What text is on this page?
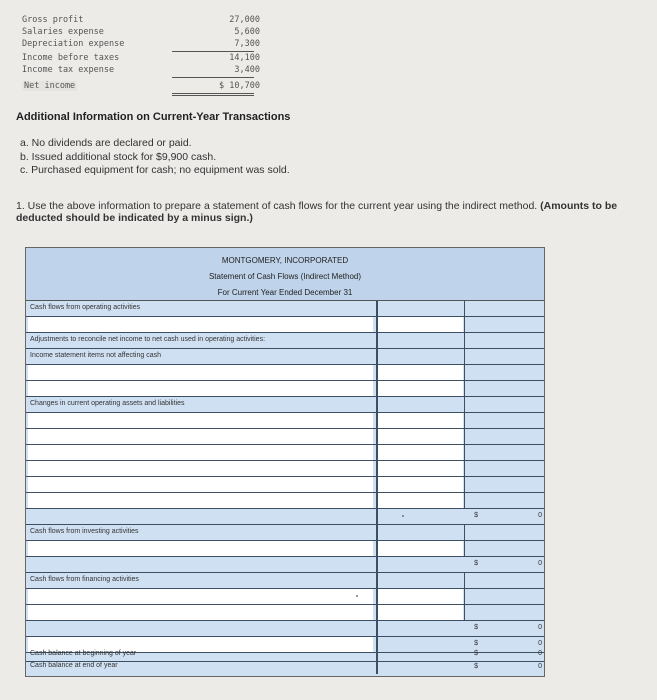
Gross profit	27,000
Salaries expense	5,600
Depreciation expense	7,300
Income before taxes	14,100
Income tax expense	3,400
Net income	$ 10,700
Additional Information on Current-Year Transactions
a. No dividends are declared or paid.
b. Issued additional stock for $9,900 cash.
c. Purchased equipment for cash; no equipment was sold.
1. Use the above information to prepare a statement of cash flows for the current year using the indirect method. (Amounts to be deducted should be indicated by a minus sign.)
MONTGOMERY, INCORPORATED
Statement of Cash Flows (Indirect Method)
For Current Year Ended December 31
Cash flows from operating activities
Adjustments to reconcile net income to net cash used in operating activities:
Income statement items not affecting cash
Changes in current operating assets and liabilities
$	0
Cash flows from investing activities
$	0
Cash flows from financing activities
$	0
$	0
Cash balance at beginning of year	$	0
Cash balance at end of year	$	0
